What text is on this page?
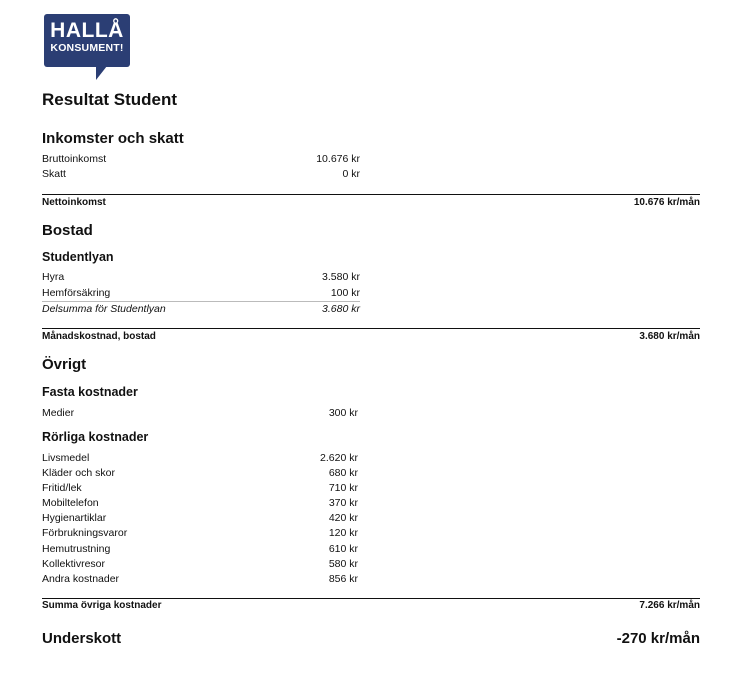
HALLÅ
KONSUMENT!
Resultat Student
Inkomster och skatt
Bruttoinkomst	10.676 kr
Skatt	0 kr
Nettoinkomst	10.676 kr/mån
Bostad
Studentlyan
Hyra	3.580 kr
Hemförsäkring	100 kr
Delsumma för Studentlyan	3.680 kr
Månadskostnad, bostad	3.680 kr/mån
Övrigt
Fasta kostnader
Medier	300 kr
Rörliga kostnader
Livsmedel	2.620 kr
Kläder och skor	680 kr
Fritid/lek	710 kr
Mobiltelefon	370 kr
Hygienartiklar	420 kr
Förbrukningsvaror	120 kr
Hemutrustning	610 kr
Kollektivresor	580 kr
Andra kostnader	856 kr
Summa övriga kostnader	7.266 kr/mån
Underskott	-270 kr/mån
